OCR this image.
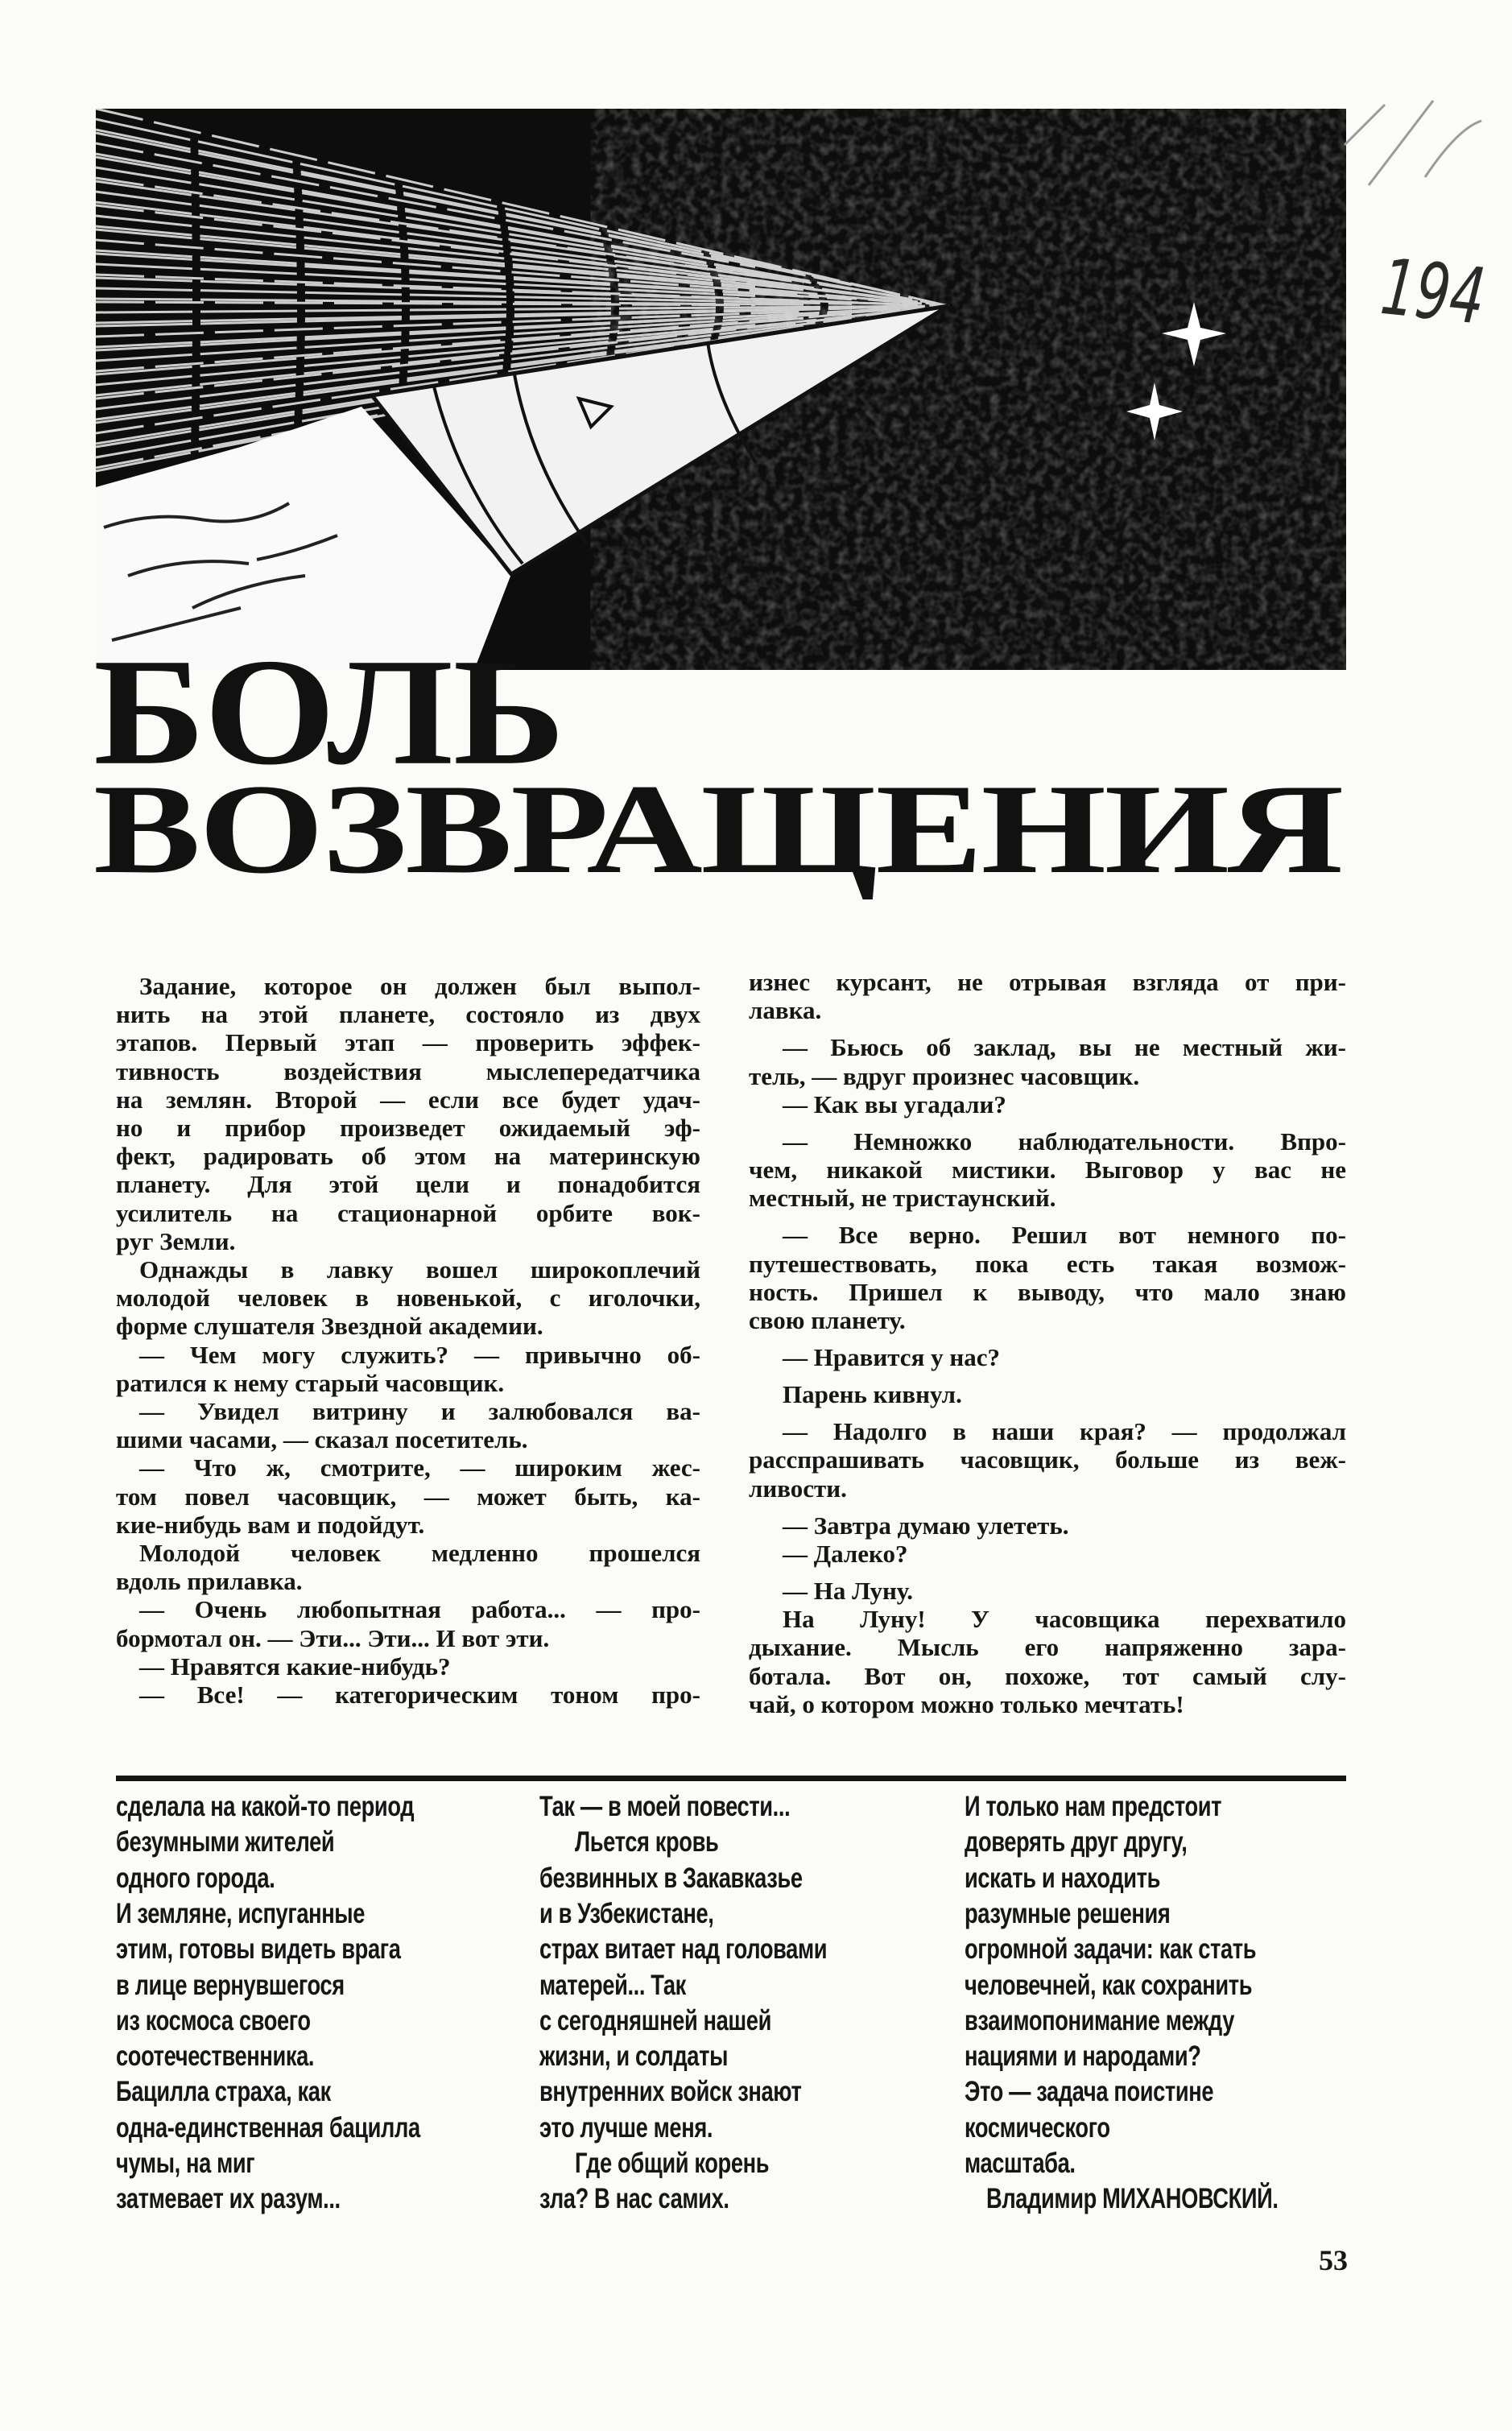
194
БОЛЬ
ВОЗВРАЩЕНИЯ
Задание, которое он должен был выпол-
нить на этой планете, состояло из двух
этапов. Первый этап — проверить эффек-
тивность воздействия мыслепередатчика
на землян. Второй — если все будет удач-
но и прибор произведет ожидаемый эф-
фект, радировать об этом на материнскую
планету. Для этой цели и понадобится
усилитель на стационарной орбите вок-
руг Земли.
Однажды в лавку вошел широкоплечий
молодой человек в новенькой, с иголочки,
форме слушателя Звездной академии.
— Чем могу служить? — привычно об-
ратился к нему старый часовщик.
— Увидел витрину и залюбовался ва-
шими часами, — сказал посетитель.
— Что ж, смотрите, — широким жес-
том повел часовщик, — может быть, ка-
кие-нибудь вам и подойдут.
Молодой человек медленно прошелся
вдоль прилавка.
— Очень любопытная работа... — про-
бормотал он. — Эти... Эти... И вот эти.
— Нравятся какие-нибудь?
— Все! — категорическим тоном про-
изнес курсант, не отрывая взгляда от при-
лавка.
— Бьюсь об заклад, вы не местный жи-
тель, — вдруг произнес часовщик.
— Как вы угадали?
— Немножко наблюдательности. Впро-
чем, никакой мистики. Выговор у вас не
местный, не тристаунский.
— Все верно. Решил вот немного по-
путешествовать, пока есть такая возмож-
ность. Пришел к выводу, что мало знаю
свою планету.
— Нравится у нас?
Парень кивнул.
— Надолго в наши края? — продолжал
расспрашивать часовщик, больше из веж-
ливости.
— Завтра думаю улететь.
— Далеко?
— На Луну.
На Луну! У часовщика перехватило
дыхание. Мысль его напряженно зара-
ботала. Вот он, похоже, тот самый слу-
чай, о котором можно только мечтать!
сделала на какой-то период
безумными жителей
одного города.
И земляне, испуганные
этим, готовы видеть врага
в лице вернувшегося
из космоса своего
соотечественника.
Бацилла страха, как
одна-единственная бацилла
чумы, на миг
затмевает их разум...
Так — в моей повести...
Льется кровь
безвинных в Закавказье
и в Узбекистане,
страх витает над головами
матерей... Так
с сегодняшней нашей
жизни, и солдаты
внутренних войск знают
это лучше меня.
Где общий корень
зла? В нас самих.
И только нам предстоит
доверять друг другу,
искать и находить
разумные решения
огромной задачи: как стать
человечней, как сохранить
взаимопонимание между
нациями и народами?
Это — задача поистине
космического
масштаба.
Владимир МИХАНОВСКИЙ.
53
